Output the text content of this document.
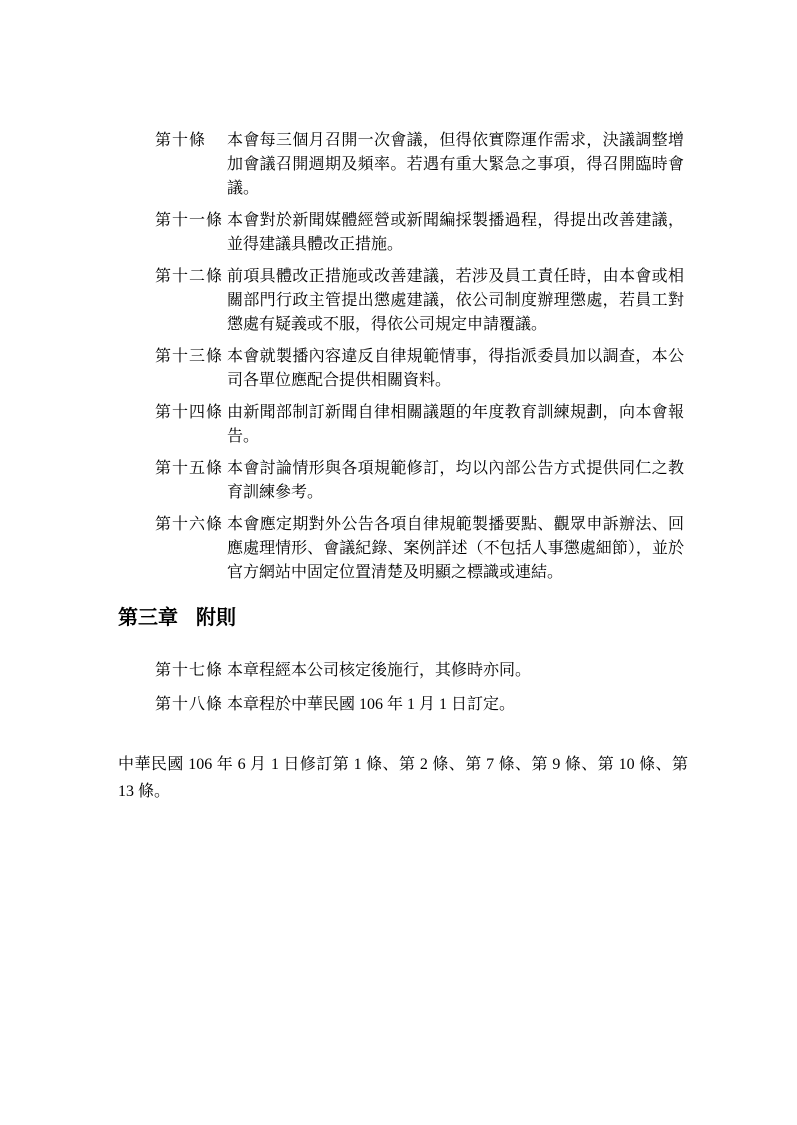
第十條	本會每三個月召開一次會議，但得依實際運作需求，決議調整增加會議召開週期及頻率。若遇有重大緊急之事項，得召開臨時會議。
第十一條 本會對於新聞媒體經營或新聞編採製播過程，得提出改善建議，並得建議具體改正措施。
第十二條 前項具體改正措施或改善建議，若涉及員工責任時，由本會或相關部門行政主管提出懲處建議，依公司制度辦理懲處，若員工對懲處有疑義或不服，得依公司規定申請覆議。
第十三條 本會就製播內容違反自律規範情事，得指派委員加以調查，本公司各單位應配合提供相關資料。
第十四條 由新聞部制訂新聞自律相關議題的年度教育訓練規劃，向本會報告。
第十五條 本會討論情形與各項規範修訂，均以內部公告方式提供同仁之教育訓練參考。
第十六條 本會應定期對外公告各項自律規範製播要點、觀眾申訴辦法、回應處理情形、會議紀錄、案例詳述（不包括人事懲處細節），並於官方網站中固定位置清楚及明顯之標識或連結。
第三章 附則
第十七條 本章程經本公司核定後施行，其修時亦同。
第十八條 本章程於中華民國 106 年 1 月 1 日訂定。

中華民國 106 年 6 月 1 日修訂第 1 條、第 2 條、第 7 條、第 9 條、第 10 條、第 13 條。
